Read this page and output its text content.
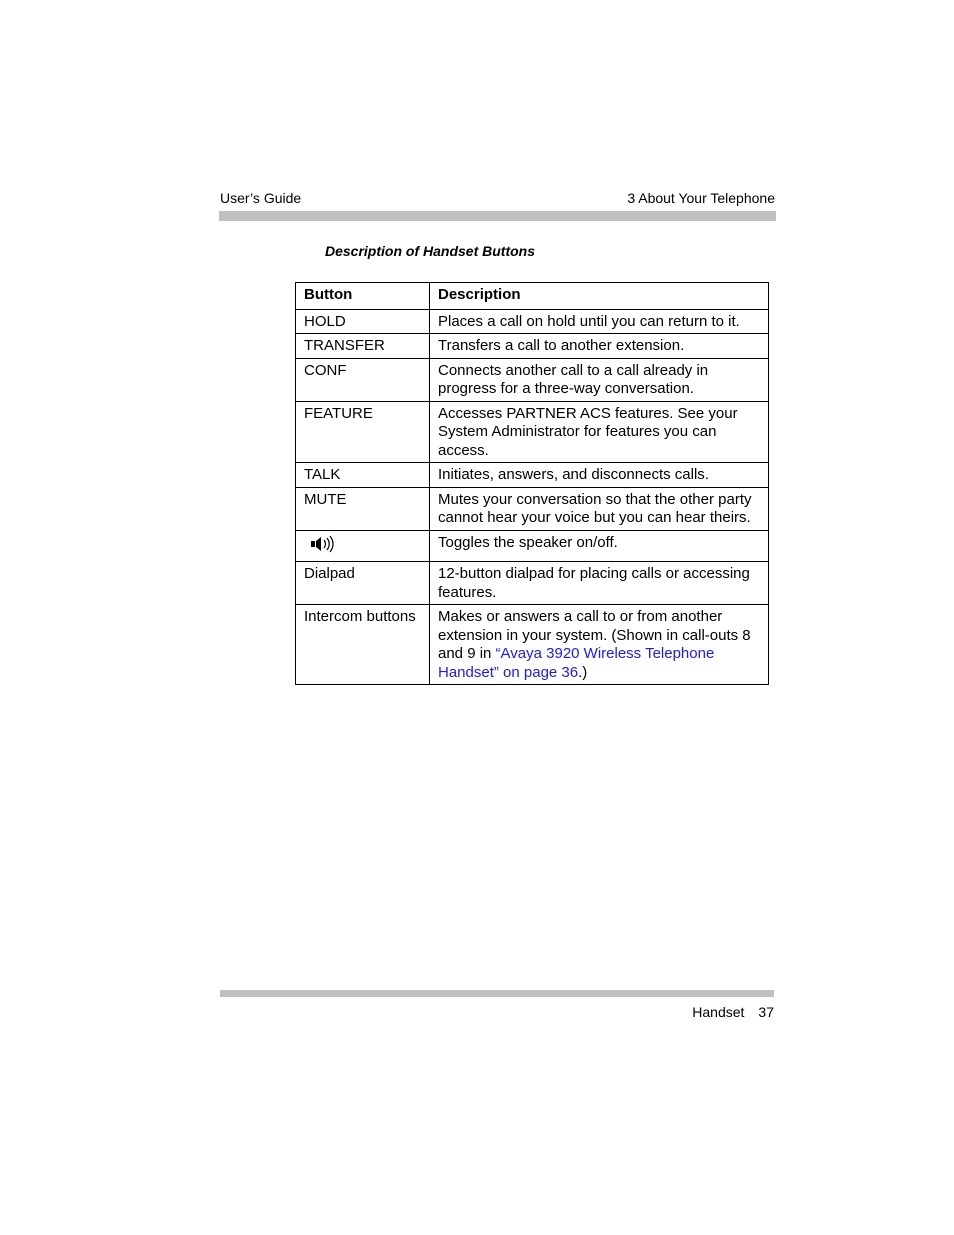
User’s Guide	3 About Your Telephone
Description of Handset Buttons
Button	Description
HOLD	Places a call on hold until you can return to it.
TRANSFER	Transfers a call to another extension.
CONF	Connects another call to a call already in progress for a three-way conversation.
FEATURE	Accesses PARTNER ACS features. See your System Administrator for features you can access.
TALK	Initiates, answers, and disconnects calls.
MUTE	Mutes your conversation so that the other party cannot hear your voice but you can hear theirs.
	Toggles the speaker on/off.
Dialpad	12-button dialpad for placing calls or accessing features.
Intercom buttons	Makes or answers a call to or from another extension in your system. (Shown in call-outs 8 and 9 in “Avaya 3920 Wireless Telephone Handset” on page 36.)
Handset 37
